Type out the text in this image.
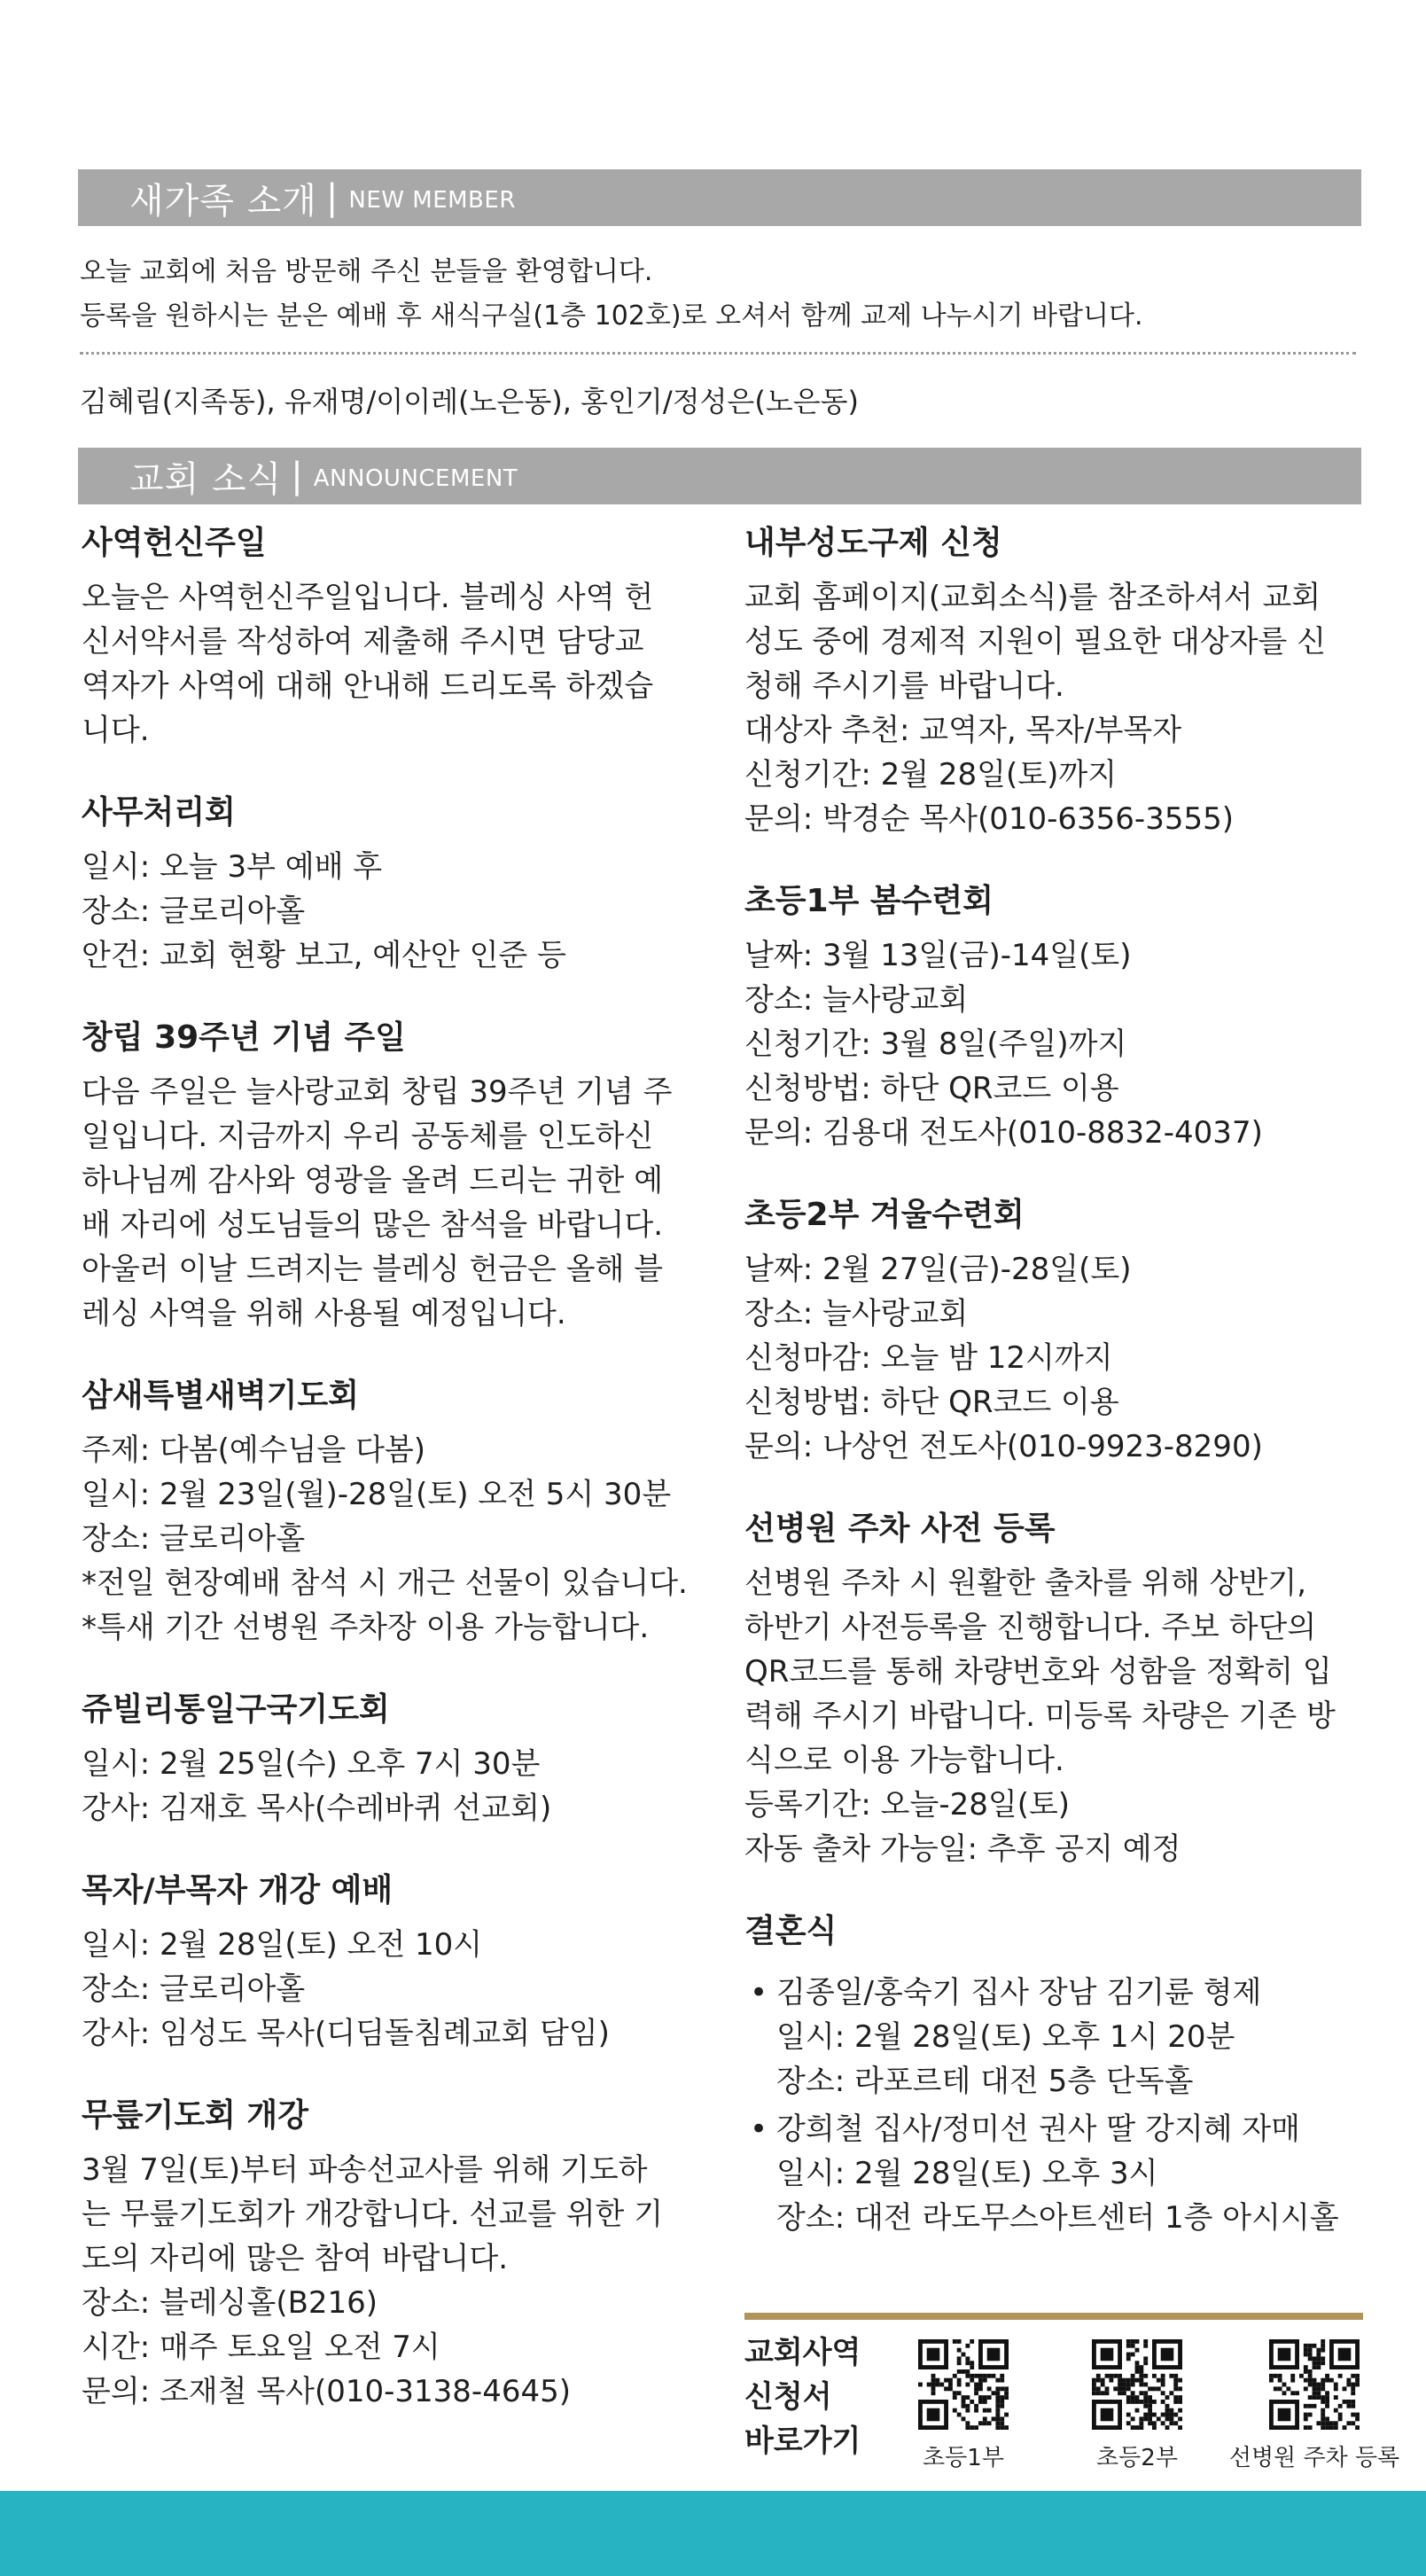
새가족 소개 | NEW MEMBER
오늘 교회에 처음 방문해 주신 분들을 환영합니다.
등록을 원하시는 분은 예배 후 새식구실(1층 102호)로 오셔서 함께 교제 나누시기 바랍니다.
김혜림(지족동), 유재명/이이레(노은동), 홍인기/정성은(노은동)
교회 소식 | ANNOUNCEMENT
사역헌신주일
오늘은 사역헌신주일입니다. 블레싱 사역 헌
신서약서를 작성하여 제출해 주시면 담당교
역자가 사역에 대해 안내해 드리도록 하겠습
니다.
사무처리회
일시: 오늘 3부 예배 후
장소: 글로리아홀
안건: 교회 현황 보고, 예산안 인준 등
창립 39주년 기념 주일
다음 주일은 늘사랑교회 창립 39주년 기념 주
일입니다. 지금까지 우리 공동체를 인도하신
하나님께 감사와 영광을 올려 드리는 귀한 예
배 자리에 성도님들의 많은 참석을 바랍니다.
아울러 이날 드려지는 블레싱 헌금은 올해 블
레싱 사역을 위해 사용될 예정입니다.
삼새특별새벽기도회
주제: 다봄(예수님을 다봄)
일시: 2월 23일(월)-28일(토) 오전 5시 30분
장소: 글로리아홀
*전일 현장예배 참석 시 개근 선물이 있습니다.
*특새 기간 선병원 주차장 이용 가능합니다.
쥬빌리통일구국기도회
일시: 2월 25일(수) 오후 7시 30분
강사: 김재호 목사(수레바퀴 선교회)
목자/부목자 개강 예배
일시: 2월 28일(토) 오전 10시
장소: 글로리아홀
강사: 임성도 목사(디딤돌침례교회 담임)
무릎기도회 개강
3월 7일(토)부터 파송선교사를 위해 기도하
는 무릎기도회가 개강합니다. 선교를 위한 기
도의 자리에 많은 참여 바랍니다.
장소: 블레싱홀(B216)
시간: 매주 토요일 오전 7시
문의: 조재철 목사(010-3138-4645)
내부성도구제 신청
교회 홈페이지(교회소식)를 참조하셔서 교회
성도 중에 경제적 지원이 필요한 대상자를 신
청해 주시기를 바랍니다.
대상자 추천: 교역자, 목자/부목자
신청기간: 2월 28일(토)까지
문의: 박경순 목사(010-6356-3555)
초등1부 봄수련회
날짜: 3월 13일(금)-14일(토)
장소: 늘사랑교회
신청기간: 3월 8일(주일)까지
신청방법: 하단 QR코드 이용
문의: 김용대 전도사(010-8832-4037)
초등2부 겨울수련회
날짜: 2월 27일(금)-28일(토)
장소: 늘사랑교회
신청마감: 오늘 밤 12시까지
신청방법: 하단 QR코드 이용
문의: 나상언 전도사(010-9923-8290)
선병원 주차 사전 등록
선병원 주차 시 원활한 출차를 위해 상반기,
하반기 사전등록을 진행합니다. 주보 하단의
QR코드를 통해 차량번호와 성함을 정확히 입
력해 주시기 바랍니다. 미등록 차량은 기존 방
식으로 이용 가능합니다.
등록기간: 오늘-28일(토)
자동 출차 가능일: 추후 공지 예정
결혼식
• 김종일/홍숙기 집사 장남 김기륜 형제
일시: 2월 28일(토) 오후 1시 20분
장소: 라포르테 대전 5층 단독홀
• 강희철 집사/정미선 권사 딸 강지혜 자매
일시: 2월 28일(토) 오후 3시
장소: 대전 라도무스아트센터 1층 아시시홀
교회사역
신청서
바로가기	초등1부	초등2부	선병원 주차 등록
